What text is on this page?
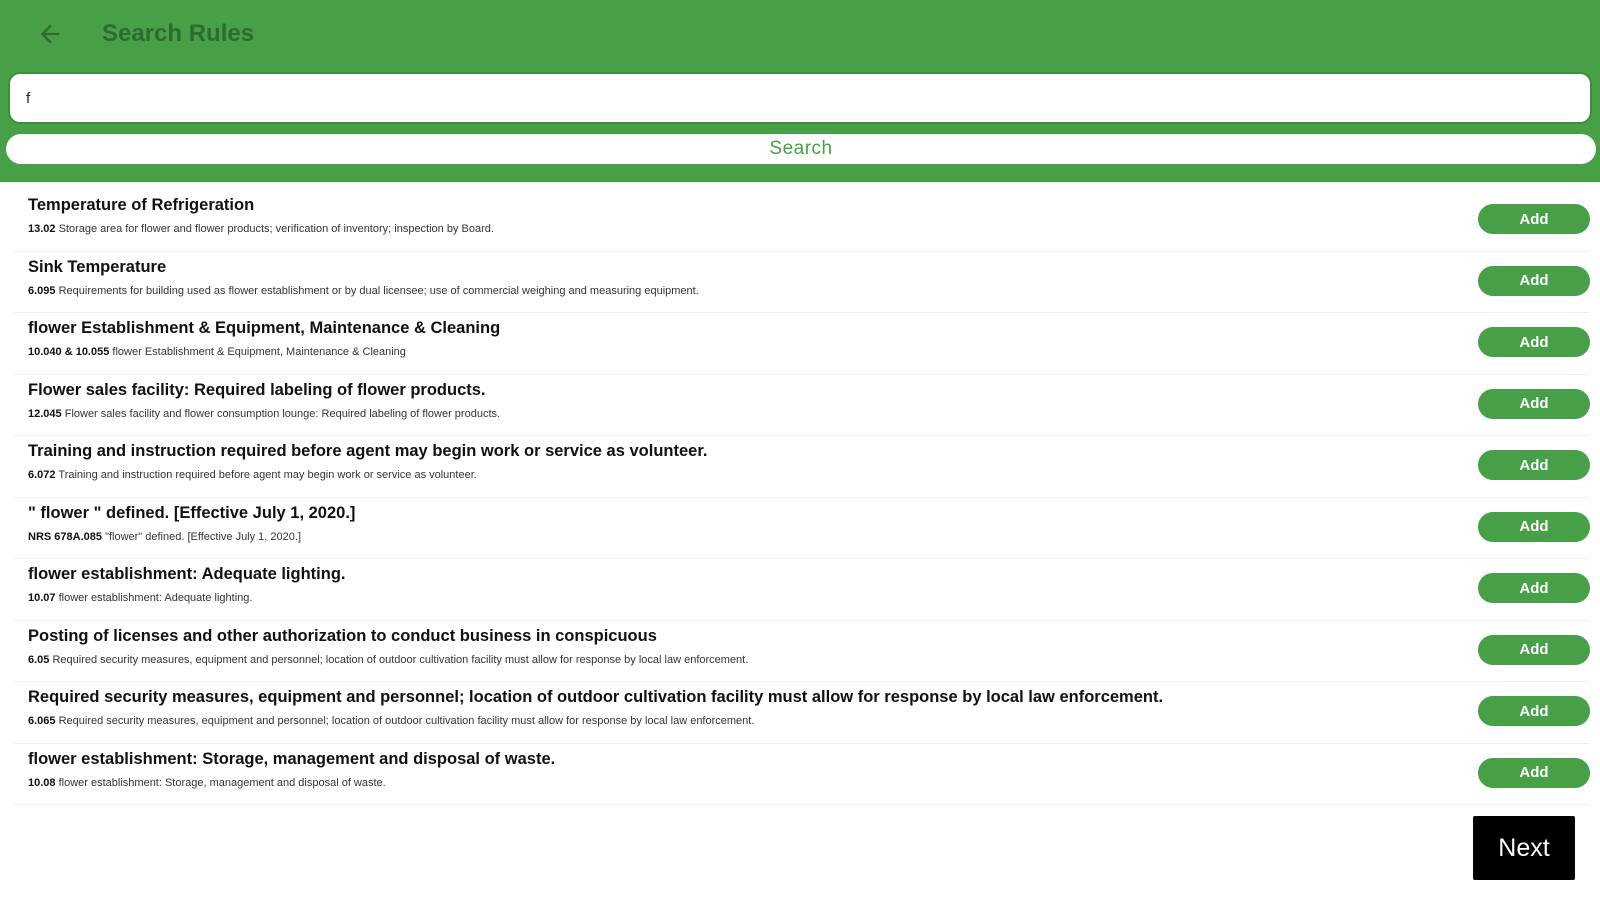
Search Rules
f
Search
Temperature of Refrigeration
13.02 Storage area for flower and flower products; verification of inventory; inspection by Board.
Add
Sink Temperature
6.095 Requirements for building used as flower establishment or by dual licensee; use of commercial weighing and measuring equipment.
Add
flower Establishment & Equipment, Maintenance & Cleaning
10.040 & 10.055 flower Establishment & Equipment, Maintenance & Cleaning
Add
Flower sales facility: Required labeling of flower products.
12.045 Flower sales facility and flower consumption lounge: Required labeling of flower products.
Add
Training and instruction required before agent may begin work or service as volunteer.
6.072 Training and instruction required before agent may begin work or service as volunteer.
Add
" flower " defined. [Effective July 1, 2020.]
NRS 678A.085 "flower" defined. [Effective July 1, 2020.]
Add
flower establishment: Adequate lighting.
10.07 flower establishment: Adequate lighting.
Add
Posting of licenses and other authorization to conduct business in conspicuous
6.05 Required security measures, equipment and personnel; location of outdoor cultivation facility must allow for response by local law enforcement.
Add
Required security measures, equipment and personnel; location of outdoor cultivation facility must allow for response by local law enforcement.
6.065 Required security measures, equipment and personnel; location of outdoor cultivation facility must allow for response by local law enforcement.
Add
flower establishment: Storage, management and disposal of waste.
10.08 flower establishment: Storage, management and disposal of waste.
Add
Next
